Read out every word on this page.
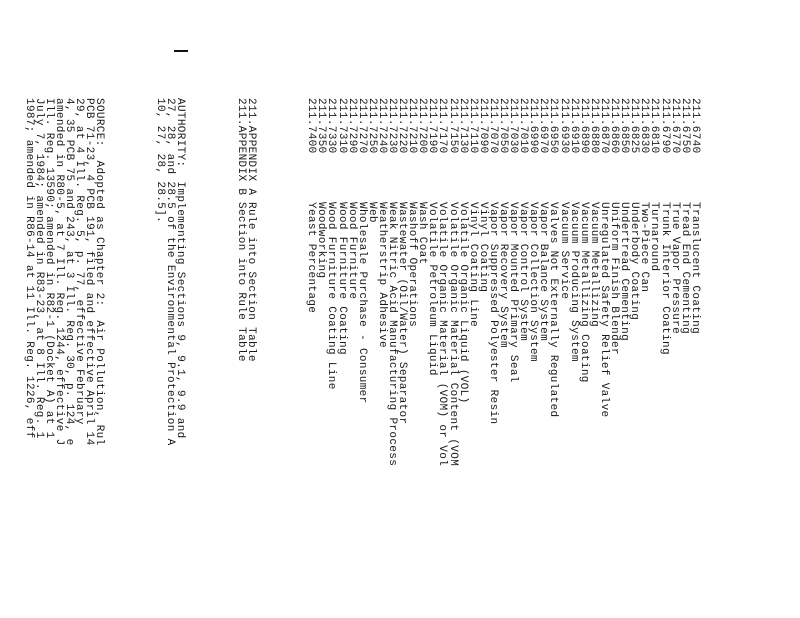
211.6740Translucent Coating
211.6750Tread End Cementing
211.6770True Vapor Pressure
211.6790Trunk Interior Coating
211.6810Turnaround
211.6830Two-Piece Can
211.6825Underbody Coating
211.6850Undertread Cementing
211.6860Uniform Finish Blender
211.6870Unregulated Safety Relief Valve
211.6880Vacuum Metallizing
211.6890Vacuum Metallizing Coating
211.6910Vacuum Producing System
211.6930Vacuum Service
211.6950Valves Not Externally Regulated
211.6970Vapor Balance System
211.6990Vapor Collection System
211.7010Vapor Control System
211.7030Vapor Mounted Primary Seal
211.7050Vapor Recovery System
211.7070Vapor Suppressed Polyester Resin
211.7090Vinyl Coating
211.7110Vinyl Coating Line
211.7130Volatile Organic Liquid (VOL)
211.7150Volatile Organic Material Content (VOM
211.7170Volatile Organic Material (VOM) or Vol
211.7190Volatile Petroleum Liquid
211.7200Wash Coat
211.7210Washoff Operations
211.7220Wastewater (Oil/Water) Separator
211.7230Weak Nitric Acid Manufacturing Process
211.7240Weatherstrip Adhesive
211.7250Web
211.7270Wholesale Purchase - Consumer
211.7290Wood Furniture
211.7310Wood Furniture Coating
211.7330Wood Furniture Coating Line
211.7350Woodworking
211.7400Yeast Percentage

211.APPENDIX ARule into Section Table
211.APPENDIX BSection into Rule Table

AUTHORITY:  Implementing Sections 9, 9.1, 9.9 and
27, 28, and 28.5 of the Environmental Protection A
10, 27, 28, 28.5].

SOURCE:  Adopted as Chapter 2:  Air Pollution, Rul
PCB 71-23, 4 PCB 191, filed and effective April 14
29, at 4 Ill. Reg. 5, p. 77, effective February
4, 35 PCB 75 and 243, at 3 Ill. Reg. 30, p. 124, e
amended in R80-5, at 7 Ill. Reg. 1244, effective J
Ill. Reg. 13590; amended in R82-1 (Docket A) at 1
July 7, 1984; amended in R83-23, at 8 Ill. Reg. 1
1987; amended in R86-14 at 11 Ill. Reg. 1226, eff
